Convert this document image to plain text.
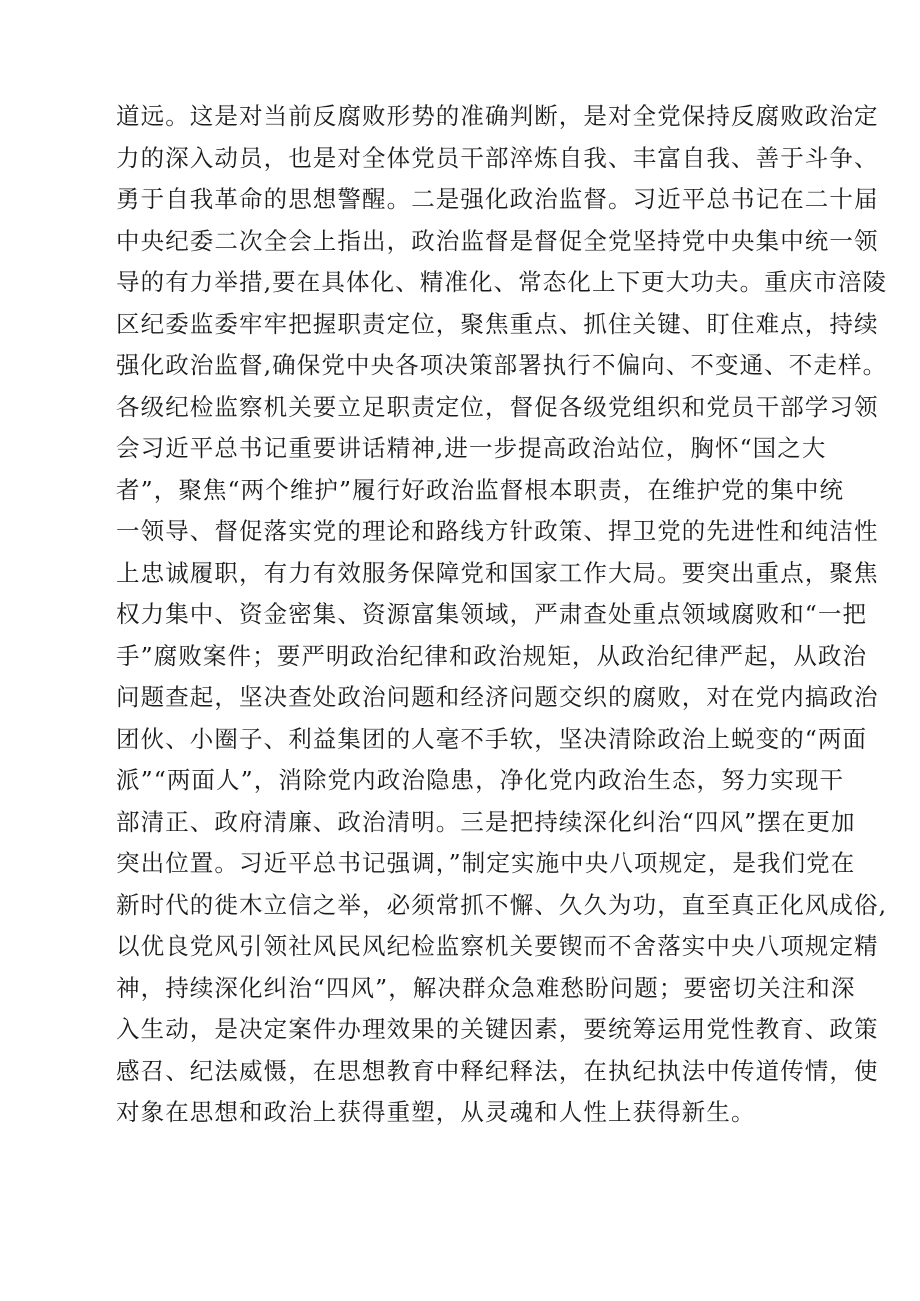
道远。这是对当前反腐败形势的准确判断，是对全党保持反腐败政治定
力的深入动员，也是对全体党员干部淬炼自我、丰富自我、善于斗争、
勇于自我革命的思想警醒。二是强化政治监督。习近平总书记在二十届
中央纪委二次全会上指出，政治监督是督促全党坚持党中央集中统一领
导的有力举措,要在具体化、精准化、常态化上下更大功夫。重庆市涪陵
区纪委监委牢牢把握职责定位，聚焦重点、抓住关键、盯住难点，持续
强化政治监督,确保党中央各项决策部署执行不偏向、不变通、不走样。
各级纪检监察机关要立足职责定位，督促各级党组织和党员干部学习领
会习近平总书记重要讲话精神,进一步提高政治站位，胸怀“国之大
者”，聚焦“两个维护”履行好政治监督根本职责，在维护党的集中统
一领导、督促落实党的理论和路线方针政策、捍卫党的先进性和纯洁性
上忠诚履职，有力有效服务保障党和国家工作大局。要突出重点，聚焦
权力集中、资金密集、资源富集领域，严肃查处重点领域腐败和“一把
手”腐败案件；要严明政治纪律和政治规矩，从政治纪律严起，从政治
问题查起，坚决查处政治问题和经济问题交织的腐败，对在党内搞政治
团伙、小圈子、利益集团的人毫不手软，坚决清除政治上蜕变的“两面
派”“两面人”，消除党内政治隐患，净化党内政治生态，努力实现干
部清正、政府清廉、政治清明。三是把持续深化纠治“四风”摆在更加
突出位置。习近平总书记强调，”制定实施中央八项规定，是我们党在
新时代的徙木立信之举，必须常抓不懈、久久为功，直至真正化风成俗,
以优良党风引领社风民风纪检监察机关要锲而不舍落实中央八项规定精
神，持续深化纠治“四风”，解决群众急难愁盼问题；要密切关注和深
入生动，是决定案件办理效果的关键因素，要统筹运用党性教育、政策
感召、纪法威慑，在思想教育中释纪释法，在执纪执法中传道传情，使
对象在思想和政治上获得重塑，从灵魂和人性上获得新生。
